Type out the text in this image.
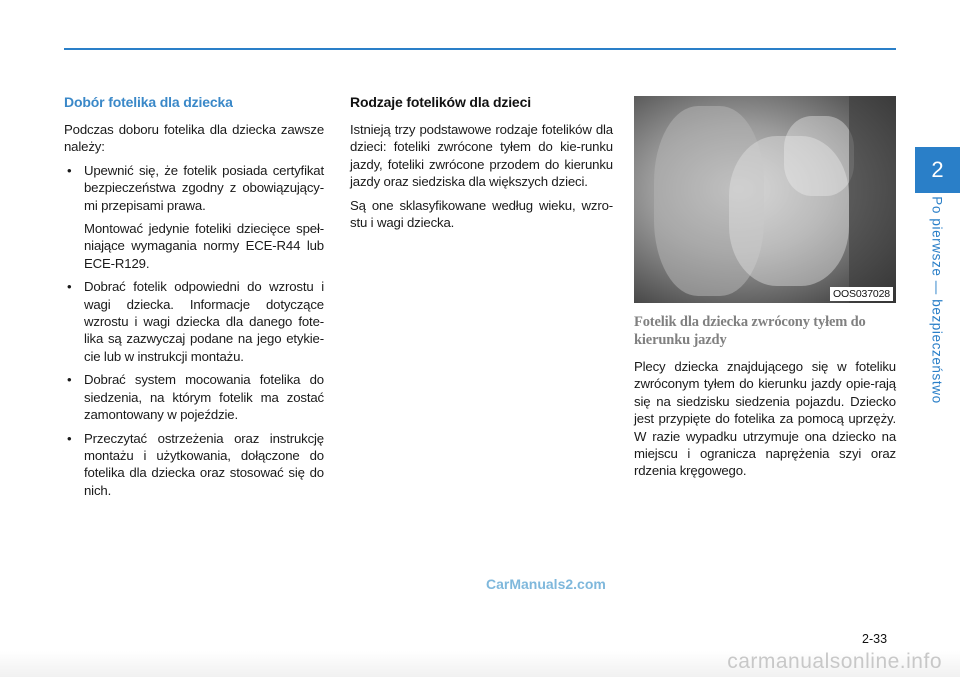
Dobór fotelika dla dziecka

Podczas doboru fotelika dla dziecka zawsze należy:

• Upewnić się, że fotelik posiada certyfikat bezpieczeństwa zgodny z obowiązujący-mi przepisami prawa.
Montować jedynie foteliki dziecięce speł-niające wymagania normy ECE-R44 lub ECE-R129.
• Dobrać fotelik odpowiedni do wzrostu i wagi dziecka. Informacje dotyczące wzrostu i wagi dziecka dla danego fote-lika są zazwyczaj podane na jego etykie-cie lub w instrukcji montażu.
• Dobrać system mocowania fotelika do siedzenia, na którym fotelik ma zostać zamontowany w pojeździe.
• Przeczytać ostrzeżenia oraz instrukcję montażu i użytkowania, dołączone do fotelika dla dziecka oraz stosować się do nich.
Rodzaje fotelików dla dzieci

Istnieją trzy podstawowe rodzaje fotelików dla dzieci: foteliki zwrócone tyłem do kie-runku jazdy, foteliki zwrócone przodem do kierunku jazdy oraz siedziska dla większych dzieci.

Są one sklasyfikowane według wieku, wzro-stu i wagi dziecka.

OOS037028
Fotelik dla dziecka zwrócony tyłem do kierunku jazdy

Plecy dziecka znajdującego się w foteliku zwróconym tyłem do kierunku jazdy opie-rają się na siedzisku siedzenia pojazdu. Dziecko jest przypięte do fotelika za pomocą uprzęży. W razie wypadku utrzymuje ona dziecko na miejscu i ogranicza naprężenia szyi oraz rdzenia kręgowego.

2
Po pierwsze — bezpieczeństwo
2-33
CarManuals2.com
carmanualsonline.info
